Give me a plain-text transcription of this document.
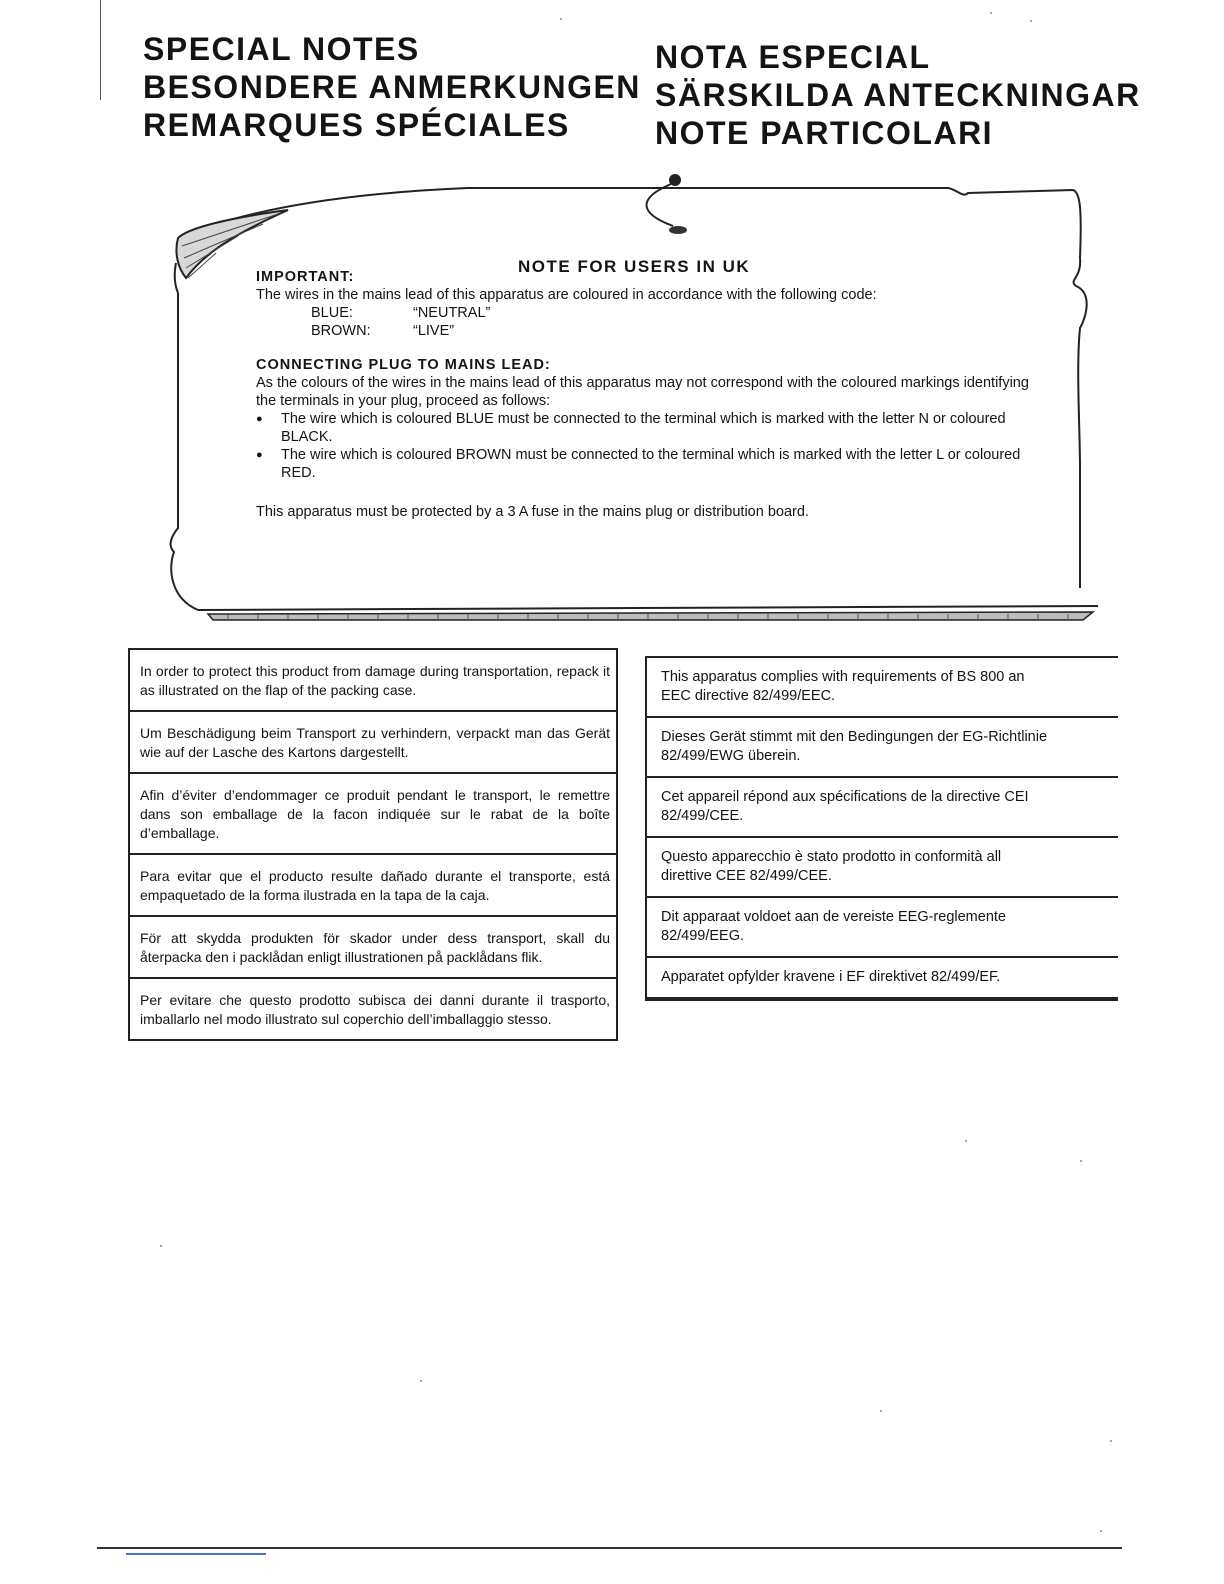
SPECIAL NOTES
BESONDERE ANMERKUNGEN
REMARQUES SPÉCIALES
NOTA ESPECIAL
SÄRSKILDA ANTECKNINGAR
NOTE PARTICOLARI
IMPORTANT:
NOTE FOR USERS IN UK

The wires in the mains lead of this apparatus are coloured in accordance with the following code:

BLUE:	“NEUTRAL”
BROWN:	“LIVE”

CONNECTING PLUG TO MAINS LEAD:

As the colours of the wires in the mains lead of this apparatus may not correspond with the coloured markings identifying the terminals in your plug, proceed as follows:

● The wire which is coloured BLUE must be connected to the terminal which is marked with the letter N or coloured BLACK.
● The wire which is coloured BROWN must be connected to the terminal which is marked with the letter L or coloured RED.

This apparatus must be protected by a 3 A fuse in the mains plug or distribution board.

In order to protect this product from damage during transportation, repack it as illustrated on the flap of the packing case.
Um Beschädigung beim Transport zu verhindern, verpackt man das Gerät wie auf der Lasche des Kartons dargestellt.
Afin d’éviter d’endommager ce produit pendant le transport, le remettre dans son emballage de la facon indiquée sur le rabat de la boîte d’emballage.
Para evitar que el producto resulte dañado durante el transporte, está empaquetado de la forma ilustrada en la tapa de la caja.
För att skydda produkten för skador under dess transport, skall du återpacka den i packlådan enligt illustrationen på packlådans flik.
Per evitare che questo prodotto subisca dei danni durante il trasporto, imballarlo nel modo illustrato sul coperchio dell’imballaggio stesso.
This apparatus complies with requirements of BS 800 an
EEC directive 82/499/EEC.
Dieses Gerät stimmt mit den Bedingungen der EG-Richtlinie
82/499/EWG überein.
Cet appareil répond aux spécifications de la directive CEI
82/499/CEE.
Questo apparecchio è stato prodotto in conformità all
direttive CEE 82/499/CEE.
Dit apparaat voldoet aan de vereiste EEG-reglemente
82/499/EEG.
Apparatet opfylder kravene i EF direktivet 82/499/EF.
